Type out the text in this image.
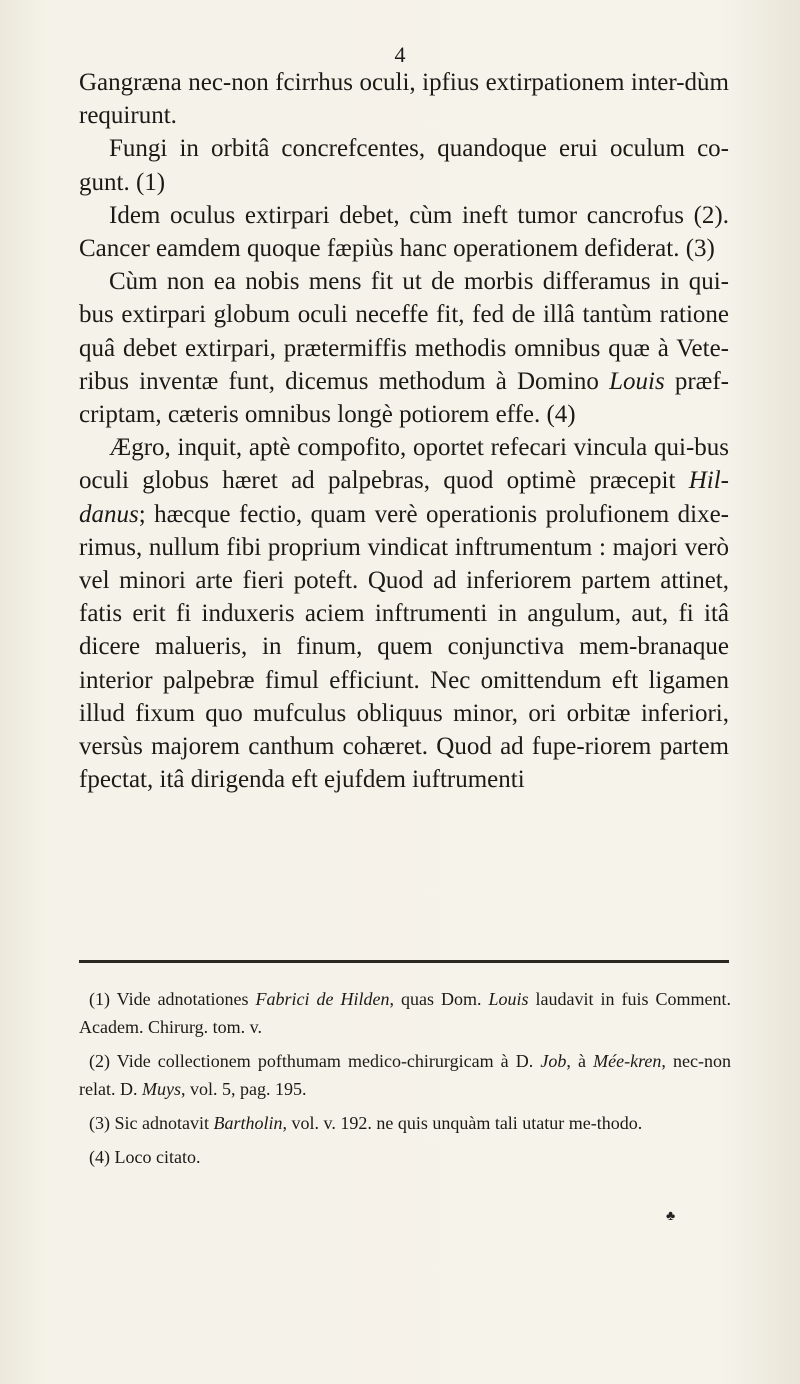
4

Gangræna nec-non fcirrhus oculi, ipfius extirpationem inter-dùm requirunt.

Fungi in orbitâ concrefcentes, quandoque erui oculum co-gunt. (1)

Idem oculus extirpari debet, cùm ineft tumor cancrofus (2). Cancer eamdem quoque fæpiùs hanc operationem defiderat. (3)

Cùm non ea nobis mens fit ut de morbis differamus in qui-bus extirpari globum oculi neceffe fit, fed de illâ tantùm ratione quâ debet extirpari, prætermiffis methodis omnibus quæ à Vete-ribus inventæ funt, dicemus methodum à Domino Louis præf-criptam, cæteris omnibus longè potiorem effe. (4)

Ægro, inquit, aptè compofito, oportet refecari vincula qui-bus oculi globus hæret ad palpebras, quod optimè præcepit Hil-danus; hæcque fectio, quam verè operationis prolufionem dixe-rimus, nullum fibi proprium vindicat inftrumentum : majori verò vel minori arte fieri poteft. Quod ad inferiorem partem attinet, fatis erit fi induxeris aciem inftrumenti in angulum, aut, fi itâ dicere malueris, in finum, quem conjunctiva mem-branaque interior palpebræ fimul efficiunt. Nec omittendum eft ligamen illud fixum quo mufculus obliquus minor, ori orbitæ inferiori, versùs majorem canthum cohæret. Quod ad fupe-riorem partem fpectat, itâ dirigenda eft ejufdem iuftrumenti

(1) Vide adnotationes Fabrici de Hilden, quas Dom. Louis laudavit in fuis Comment. Academ. Chirurg. tom. v.

(2) Vide collectionem pofthumam medico-chirurgicam à D. Job, à Mée-kren, nec-non relat. D. Muys, vol. 5, pag. 195.

(3) Sic adnotavit Bartholin, vol. v. 192. ne quis unquàm tali utatur me-thodo.

(4) Loco citato.

♣
